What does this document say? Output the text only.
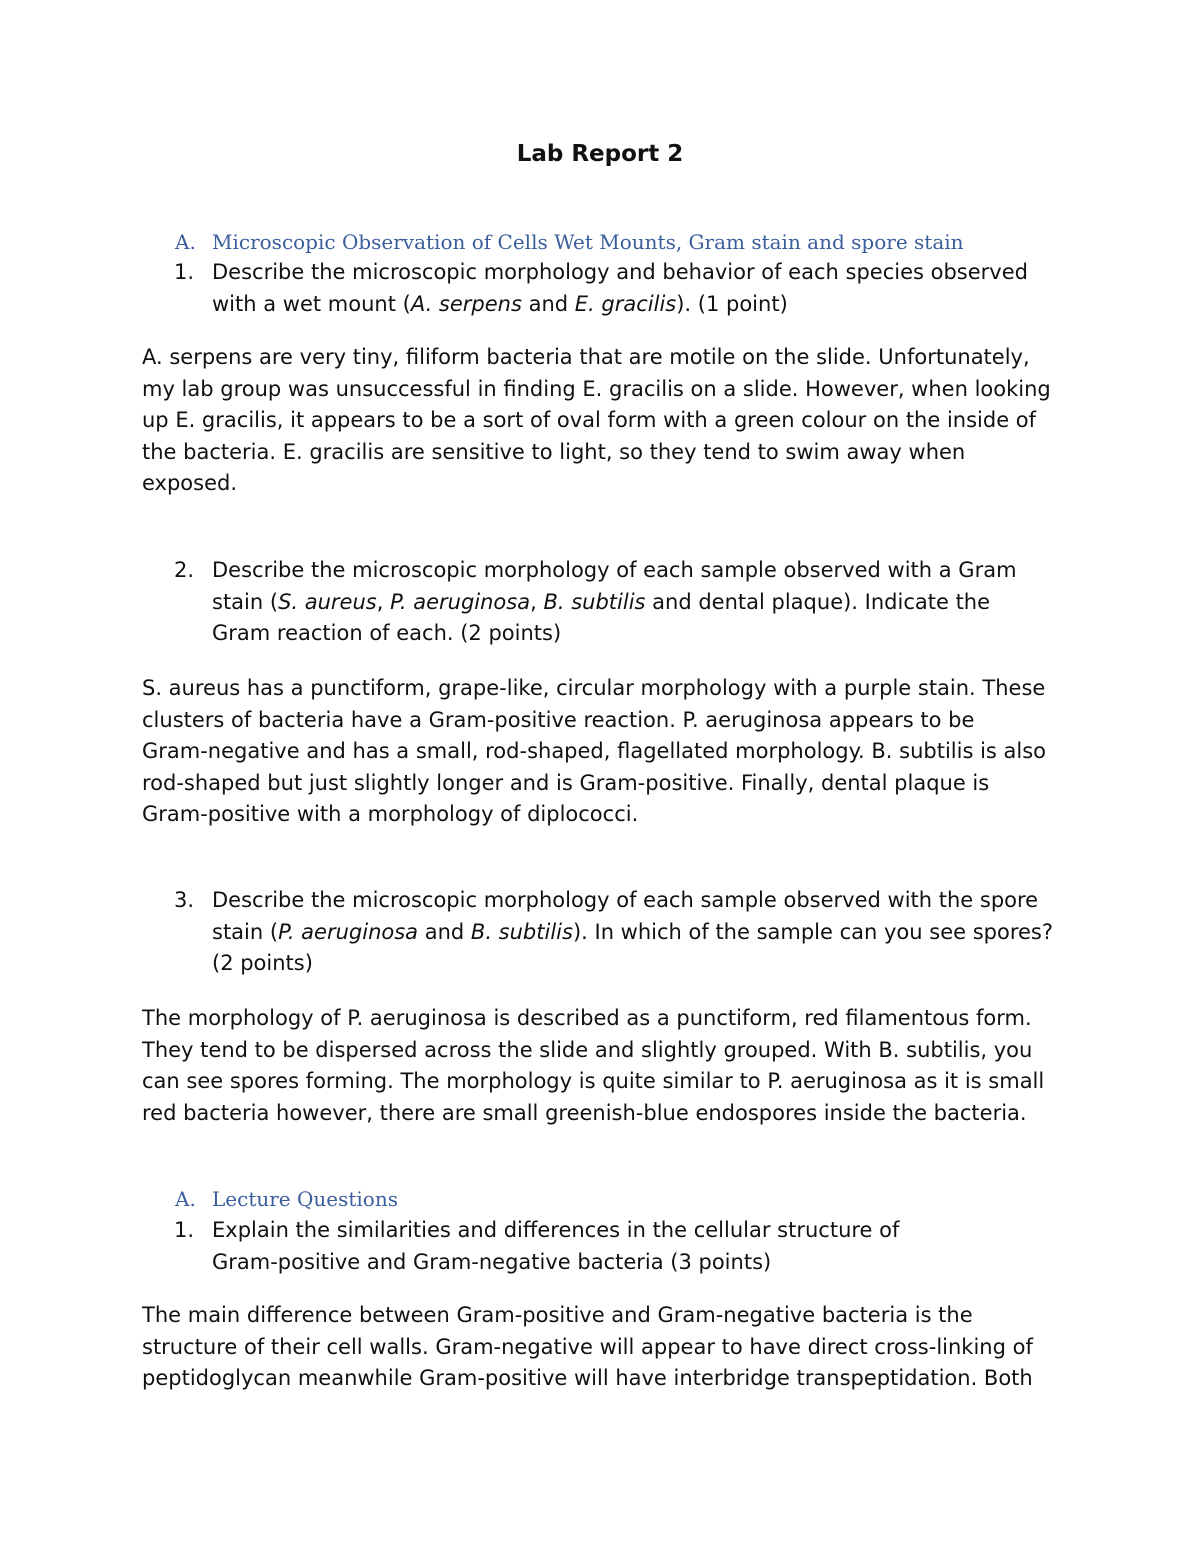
Lab Report 2
A. Microscopic Observation of Cells Wet Mounts, Gram stain and spore stain
1. Describe the microscopic morphology and behavior of each species observed
with a wet mount (A. serpens and E. gracilis). (1 point)
A. serpens are very tiny, filiform bacteria that are motile on the slide. Unfortunately,
my lab group was unsuccessful in finding E. gracilis on a slide. However, when looking
up E. gracilis, it appears to be a sort of oval form with a green colour on the inside of
the bacteria. E. gracilis are sensitive to light, so they tend to swim away when
exposed.
2. Describe the microscopic morphology of each sample observed with a Gram
stain (S. aureus, P. aeruginosa, B. subtilis and dental plaque). Indicate the
Gram reaction of each. (2 points)
S. aureus has a punctiform, grape-like, circular morphology with a purple stain. These
clusters of bacteria have a Gram-positive reaction. P. aeruginosa appears to be
Gram-negative and has a small, rod-shaped, flagellated morphology. B. subtilis is also
rod-shaped but just slightly longer and is Gram-positive. Finally, dental plaque is
Gram-positive with a morphology of diplococci.
3. Describe the microscopic morphology of each sample observed with the spore
stain (P. aeruginosa and B. subtilis). In which of the sample can you see spores?
(2 points)
The morphology of P. aeruginosa is described as a punctiform, red filamentous form.
They tend to be dispersed across the slide and slightly grouped. With B. subtilis, you
can see spores forming. The morphology is quite similar to P. aeruginosa as it is small
red bacteria however, there are small greenish-blue endospores inside the bacteria.
A. Lecture Questions
1. Explain the similarities and differences in the cellular structure of
Gram-positive and Gram-negative bacteria (3 points)
The main difference between Gram-positive and Gram-negative bacteria is the
structure of their cell walls. Gram-negative will appear to have direct cross-linking of
peptidoglycan meanwhile Gram-positive will have interbridge transpeptidation. Both
